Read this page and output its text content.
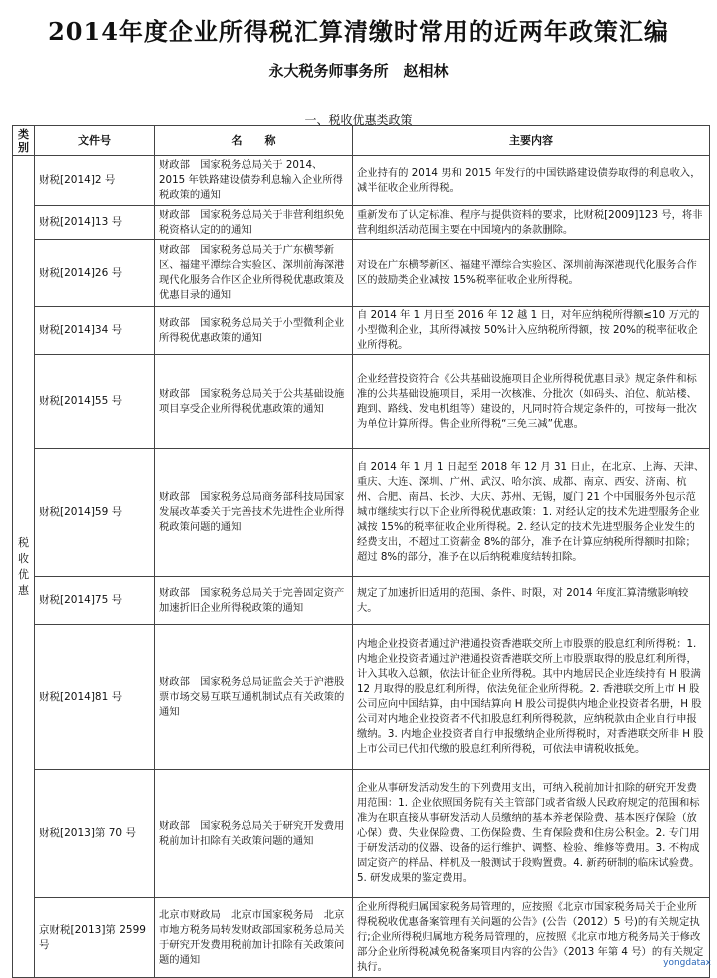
2014年度企业所得税汇算清缴时常用的近两年政策汇编
永大税务师事务所　赵相林
一、税收优惠类政策
类别	文件号	名　　称	主要内容
税
收
优
惠	财税[2014]2 号	财政部　国家税务总局关于 2014、2015 年铁路建设债券利息输入企业所得税政策的通知	企业持有的 2014 男和 2015 年发行的中国铁路建设债券取得的利息收入，减半征收企业所得税。
	财税[2014]13 号	财政部　国家税务总局关于非营利组织免税资格认定的的通知	重新发布了认定标准、程序与提供资料的要求，比财税[2009]123 号，将非营利组织活动范围主要在中国境内的条款删除。
	财税[2014]26 号	财政部　国家税务总局关于广东横琴新区、福建平潭综合实验区、深圳前海深港现代化服务合作区企业所得税优惠政策及优惠目录的通知	对设在广东横琴新区、福建平潭综合实验区、深圳前海深港现代化服务合作区的鼓励类企业减按 15%税率征收企业所得税。
	财税[2014]34 号	财政部　国家税务总局关于小型微利企业所得税优惠政策的通知	自 2014 年 1 月日至 2016 年 12 越 1 日，对年应纳税所得额≤10 万元的小型微利企业，其所得减按 50%计入应纳税所得额，按 20%的税率征收企业所得税。
	财税[2014]55 号	财政部　国家税务总局关于公共基础设施项目享受企业所得税优惠政策的通知	企业经营投资符合《公共基础设施项目企业所得税优惠目录》规定条件和标准的公共基础设施项目，采用一次核准、分批次（如码头、泊位、航站楼、跑到、路线、发电机组等）建设的，凡同时符合规定条件的，可按每一批次为单位计算所得。售企业所得税“三免三减”优惠。
	财税[2014]59 号	财政部　国家税务总局商务部科技局国家发展改革委关于完善技术先进性企业所得税政策问题的通知	自 2014 年 1 月 1 日起至 2018 年 12 月 31 日止，在北京、上海、天津、重庆、大连、深圳、广州、武汉、哈尔滨、成都、南京、西安、济南、杭州、合肥、南昌、长沙、大庆、苏州、无锡，厦门 21 个中国服务外包示范城市继续实行以下企业所得税优惠政策：1. 对经认定的技术先进型服务企业减按 15%的税率征收企业所得税。2. 经认定的技术先进型服务企业发生的经费支出，不超过工资薪金 8%的部分，准予在计算应纳税所得额时扣除；超过 8%的部分，准予在以后纳税难度结转扣除。
	财税[2014]75 号	财政部　国家税务总局关于完善固定资产加速折旧企业所得税政策的通知	规定了加速折旧适用的范围、条件、时限，对 2014 年度汇算清缴影响较大。
	财税[2014]81 号	财政部　国家税务总局证监会关于沪港股票市场交易互联互通机制试点有关政策的通知	内地企业投资者通过沪港通投资香港联交所上市股票的股息红利所得税：1. 内地企业投资者通过沪港通投资香港联交所上市股票取得的股息红利所得，计入其收入总额，依法计征企业所得税。其中内地居民企业连续持有 H 股满 12 月取得的股息红利所得，依法免征企业所得税。2. 香港联交所上市 H 股公司应向中国结算，由中国结算向 H 股公司提供内地企业投资者名册，H 股公司对内地企业投资者不代扣股息红利所得税款，应纳税款由企业自行申报缴纳。3. 内地企业投资者自行申报缴纳企业所得税时，对香港联交所非 H 股上市公司已代扣代缴的股息红利所得税，可依法申请税收抵免。
	财税[2013]第 70 号	财政部　国家税务总局关于研究开发费用税前加计扣除有关政策问题的通知	企业从事研发活动发生的下列费用支出，可纳入税前加计扣除的研究开发费用范围：1. 企业依照国务院有关主管部门或者省级人民政府规定的范围和标准为在职直接从事研发活动人员缴纳的基本养老保险费、基本医疗保险（放心保）费、失业保险费、工伤保险费、生育保险费和住房公积金。2. 专门用于研发活动的仪器、设备的运行维护、调整、检验、维修等费用。3. 不构成固定资产的样品、样机及一般测试于段购置费。4. 新药研制的临床试验费。5. 研发成果的鉴定费用。
	京财税[2013]第 2599 号	北京市财政局　北京市国家税务局　北京市地方税务局转发财政部国家税务总局关于研究开发费用税前加计扣除有关政策问题的通知	企业所得税归属国家税务局管理的，应按照《北京市国家税务局关于企业所得税税收优惠备案管理有关问题的公告》(公告（2012）5 号)的有关规定执行;企业所得税归属地方税务局管理的，应按照《北京市地方税务局关于修改部分企业所得税减免税备案项目内容的公告》（2013 年第 4 号）的有关规定执行。	yongdatax
